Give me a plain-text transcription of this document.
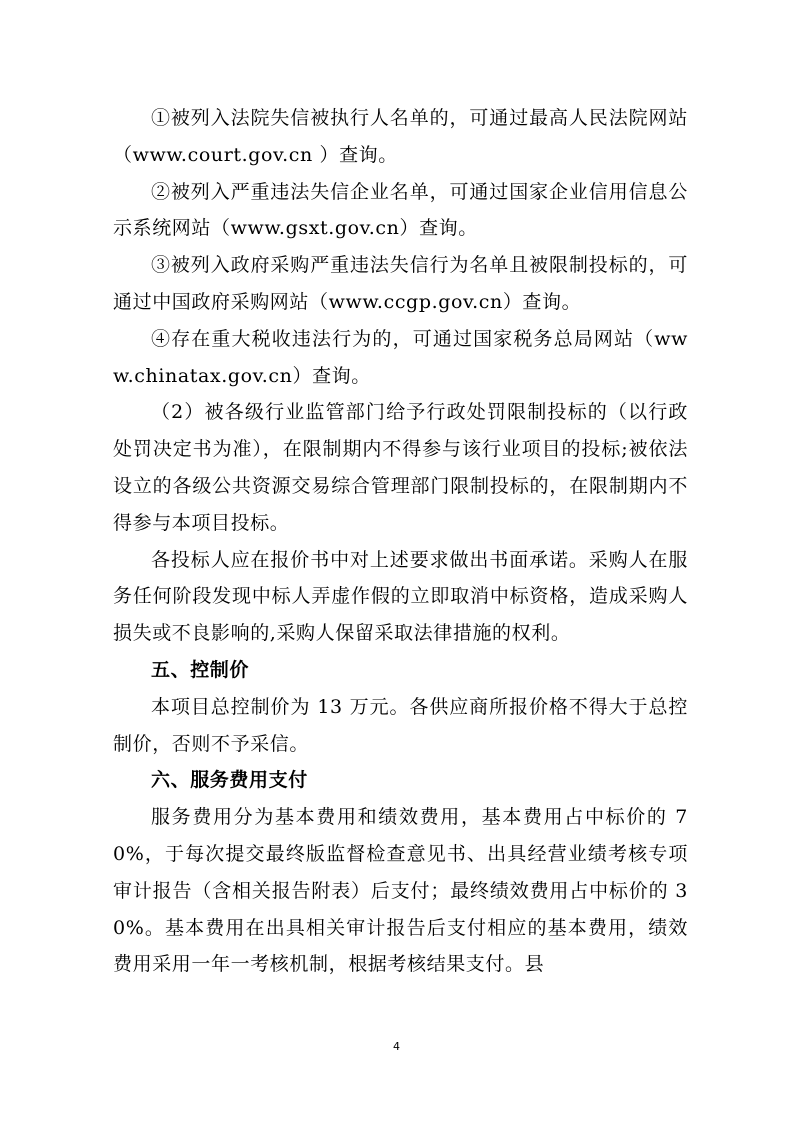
①被列入法院失信被执行人名单的，可通过最高人民法院网站（www.court.gov.cn ）查询。

②被列入严重违法失信企业名单，可通过国家企业信用信息公示系统网站（www.gsxt.gov.cn）查询。

③被列入政府采购严重违法失信行为名单且被限制投标的，可通过中国政府采购网站（www.ccgp.gov.cn）查询。

④存在重大税收违法行为的，可通过国家税务总局网站（www.chinatax.gov.cn）查询。

（2）被各级行业监管部门给予行政处罚限制投标的（以行政处罚决定书为准），在限制期内不得参与该行业项目的投标;被依法设立的各级公共资源交易综合管理部门限制投标的，在限制期内不得参与本项目投标。

各投标人应在报价书中对上述要求做出书面承诺。采购人在服务任何阶段发现中标人弄虚作假的立即取消中标资格，造成采购人损失或不良影响的,采购人保留采取法律措施的权利。

五、控制价

本项目总控制价为 13 万元。各供应商所报价格不得大于总控制价，否则不予采信。

六、服务费用支付

服务费用分为基本费用和绩效费用，基本费用占中标价的 70%，于每次提交最终版监督检查意见书、出具经营业绩考核专项审计报告（含相关报告附表）后支付；最终绩效费用占中标价的 30%。基本费用在出具相关审计报告后支付相应的基本费用，绩效费用采用一年一考核机制，根据考核结果支付。县

4
